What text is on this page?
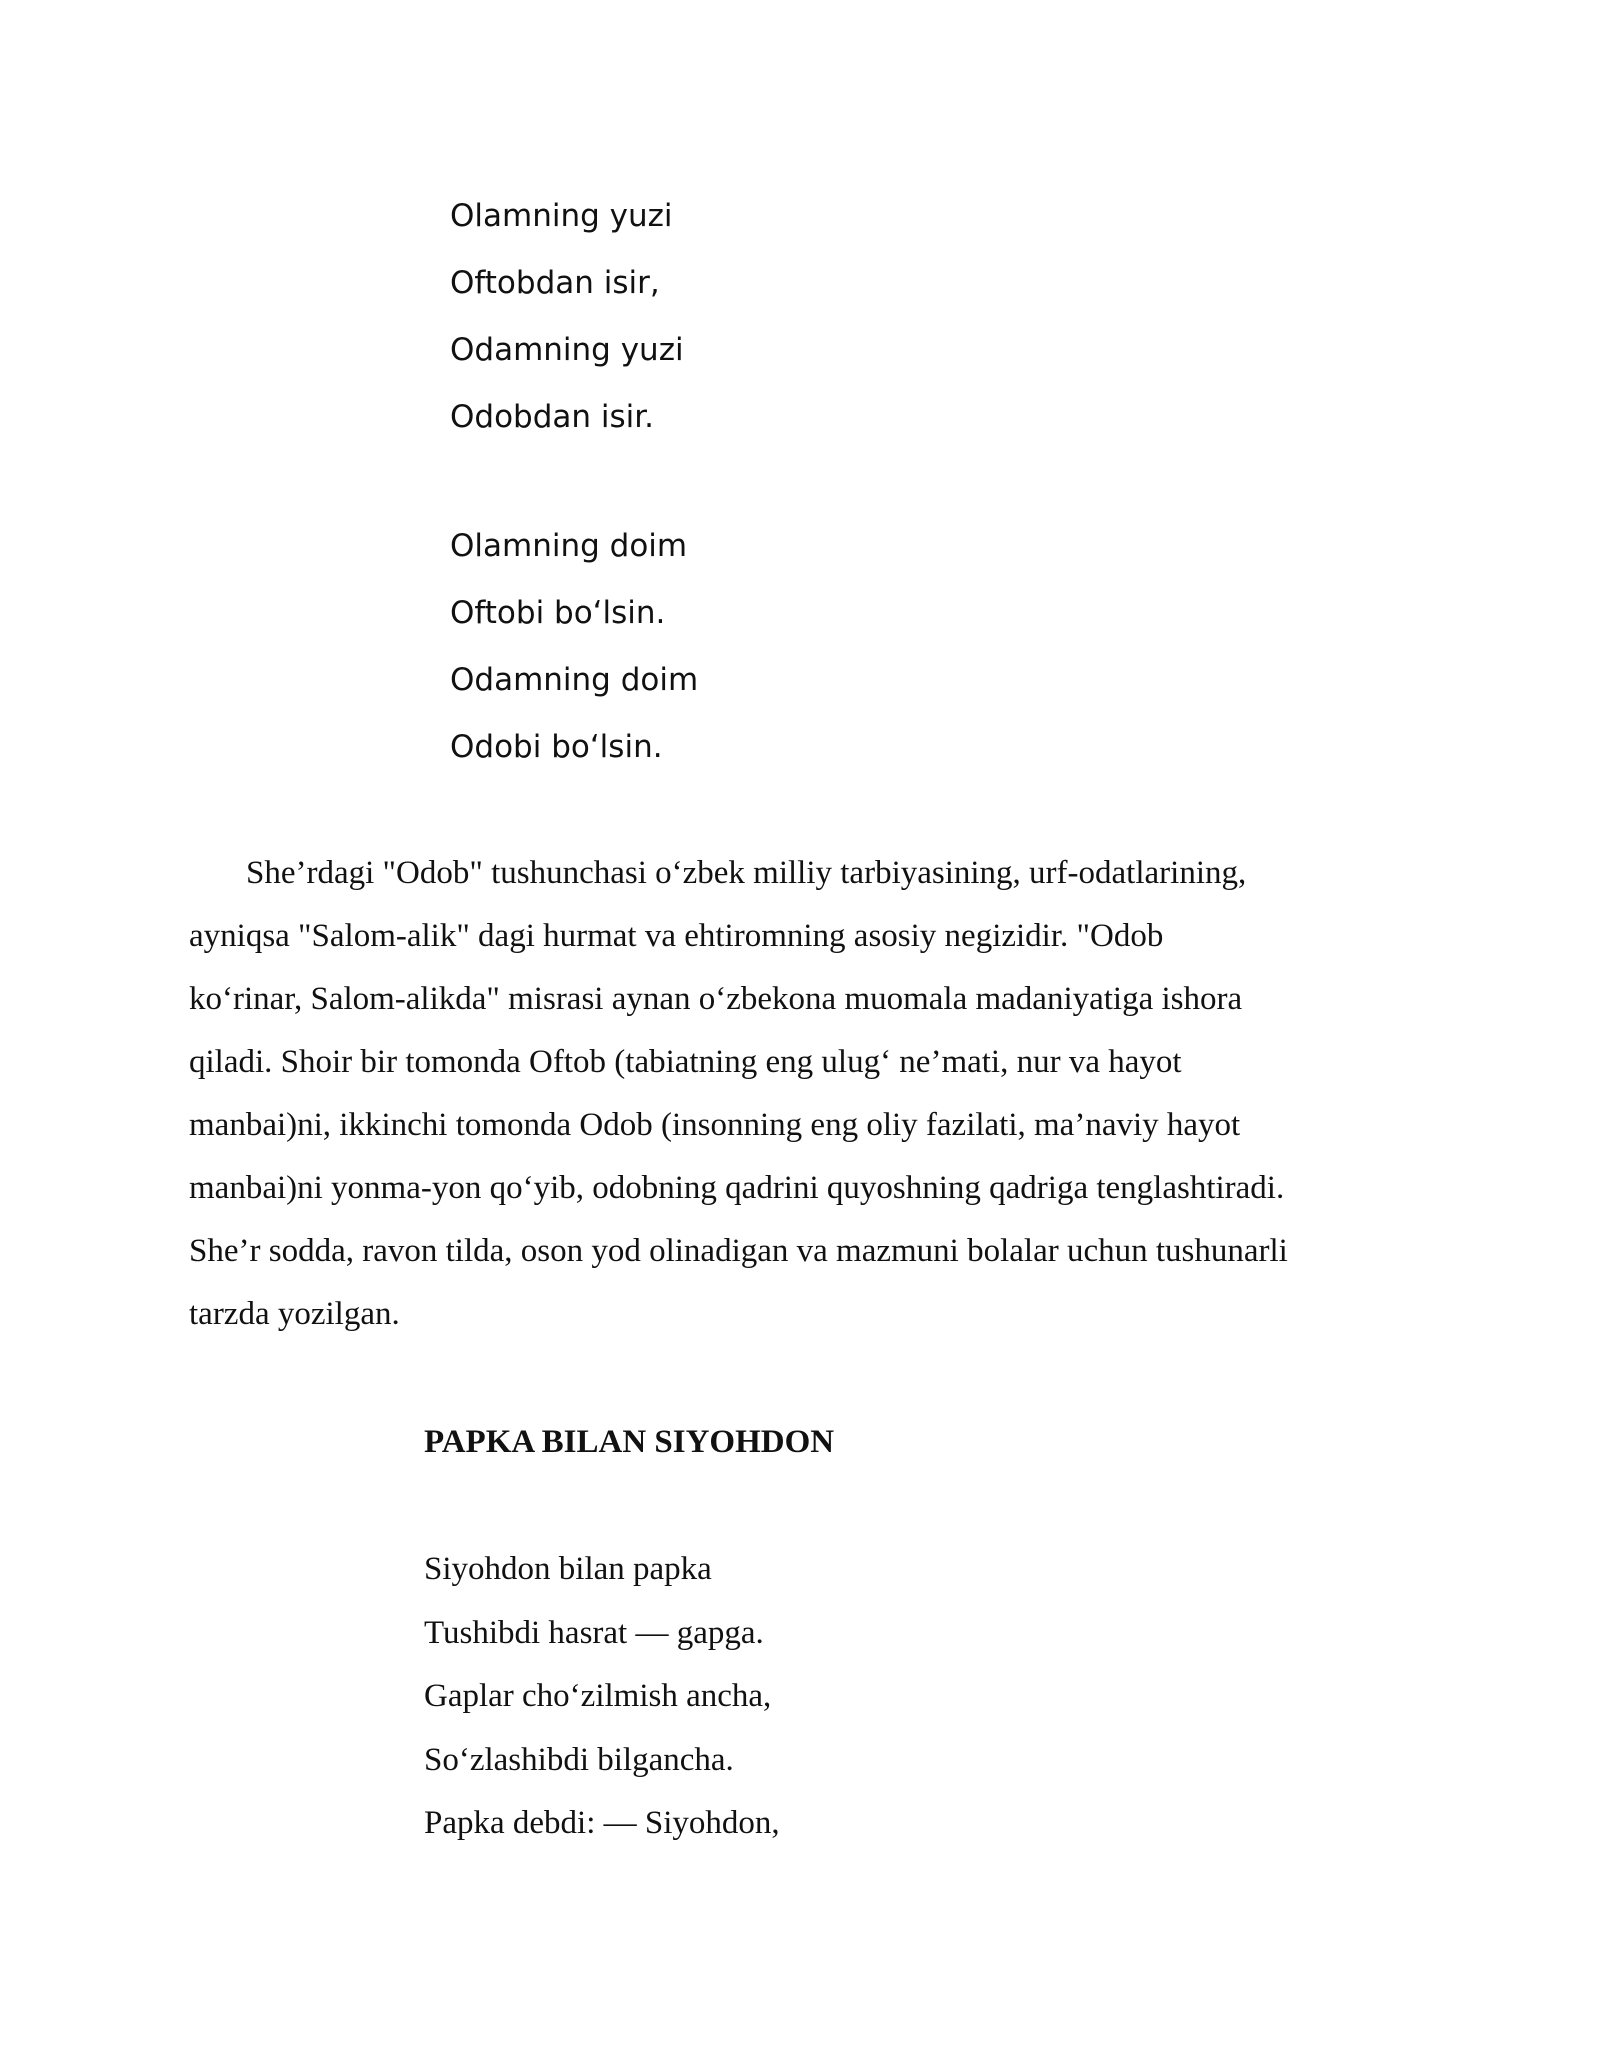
Olamning yuzi
Oftobdan isir,
Odamning yuzi
Odobdan isir.
Olamning doim
Oftobi bo‘lsin.
Odamning doim
Odobi bo‘lsin.
She’rdagi "Odob" tushunchasi o‘zbek milliy tarbiyasining, urf-odatlarining,
ayniqsa "Salom-alik" dagi hurmat va ehtiromning asosiy negizidir. "Odob
ko‘rinar, Salom-alikda" misrasi aynan o‘zbekona muomala madaniyatiga ishora
qiladi. Shoir bir tomonda Oftob (tabiatning eng ulug‘ ne’mati, nur va hayot
manbai)ni, ikkinchi tomonda Odob (insonning eng oliy fazilati, ma’naviy hayot
manbai)ni yonma-yon qo‘yib, odobning qadrini quyoshning qadriga tenglashtiradi.
She’r sodda, ravon tilda, oson yod olinadigan va mazmuni bolalar uchun tushunarli
tarzda yozilgan.
PAPKA BILAN SIYOHDON
Siyohdon bilan papka
Tushibdi hasrat — gapga.
Gaplar cho‘zilmish ancha,
So‘zlashibdi bilgancha.
Papka debdi: — Siyohdon,
